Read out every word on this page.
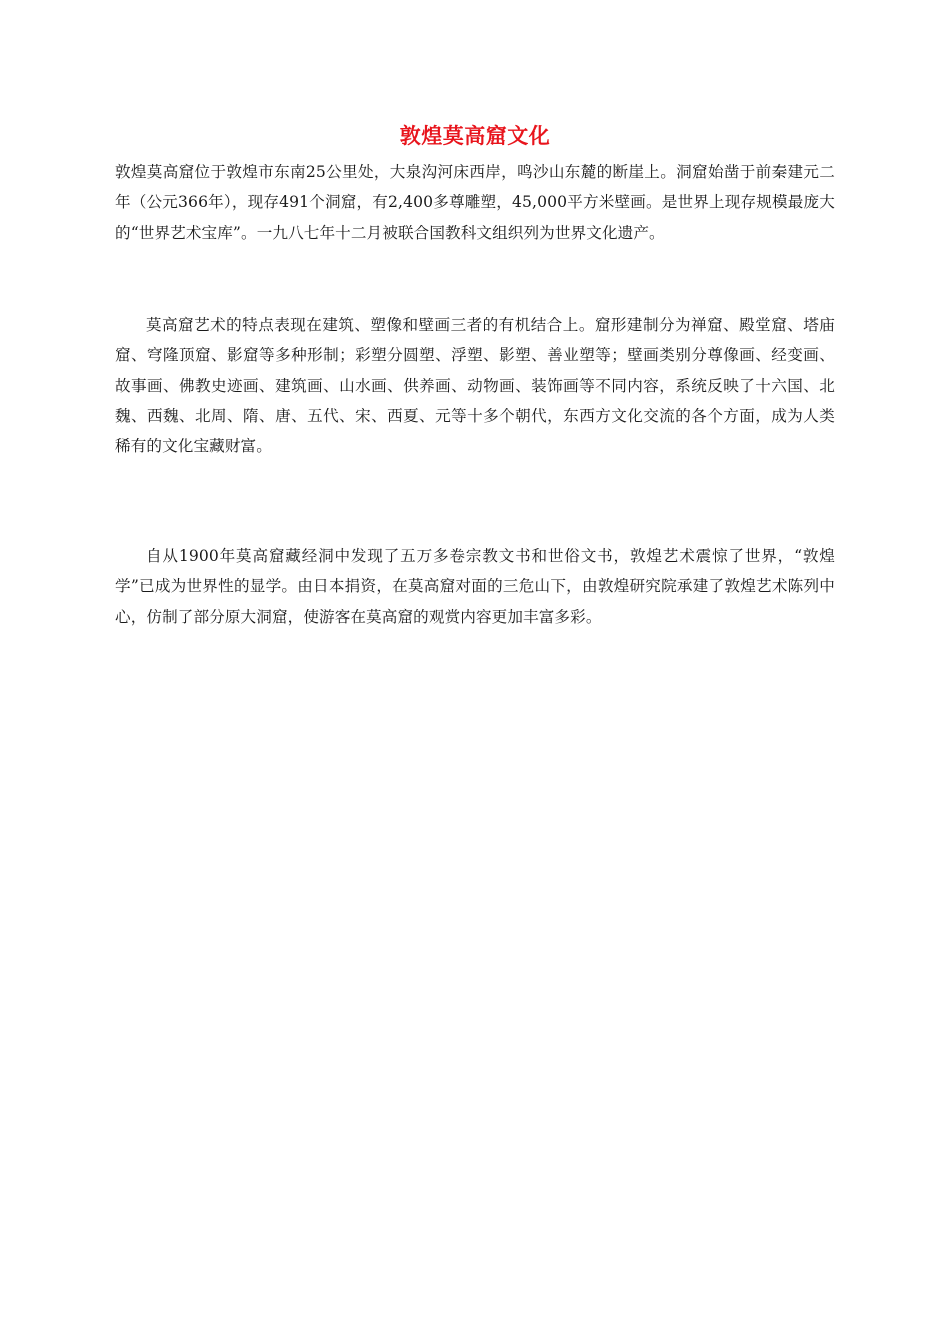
敦煌莫高窟文化

敦煌莫高窟位于敦煌市东南25公里处，大泉沟河床西岸，鸣沙山东麓的断崖上。洞窟始凿于前秦建元二年（公元366年），现存491个洞窟，有2,400多尊雕塑，45,000平方米壁画。是世界上现存规模最庞大的“世界艺术宝库”。一九八七年十二月被联合国教科文组织列为世界文化遗产。

莫高窟艺术的特点表现在建筑、塑像和壁画三者的有机结合上。窟形建制分为禅窟、殿堂窟、塔庙窟、穹隆顶窟、影窟等多种形制；彩塑分圆塑、浮塑、影塑、善业塑等；壁画类别分尊像画、经变画、故事画、佛教史迹画、建筑画、山水画、供养画、动物画、装饰画等不同内容，系统反映了十六国、北魏、西魏、北周、隋、唐、五代、宋、西夏、元等十多个朝代，东西方文化交流的各个方面，成为人类稀有的文化宝藏财富。

自从1900年莫高窟藏经洞中发现了五万多卷宗教文书和世俗文书，敦煌艺术震惊了世界，“敦煌学”已成为世界性的显学。由日本捐资，在莫高窟对面的三危山下，由敦煌研究院承建了敦煌艺术陈列中心，仿制了部分原大洞窟，使游客在莫高窟的观赏内容更加丰富多彩。
